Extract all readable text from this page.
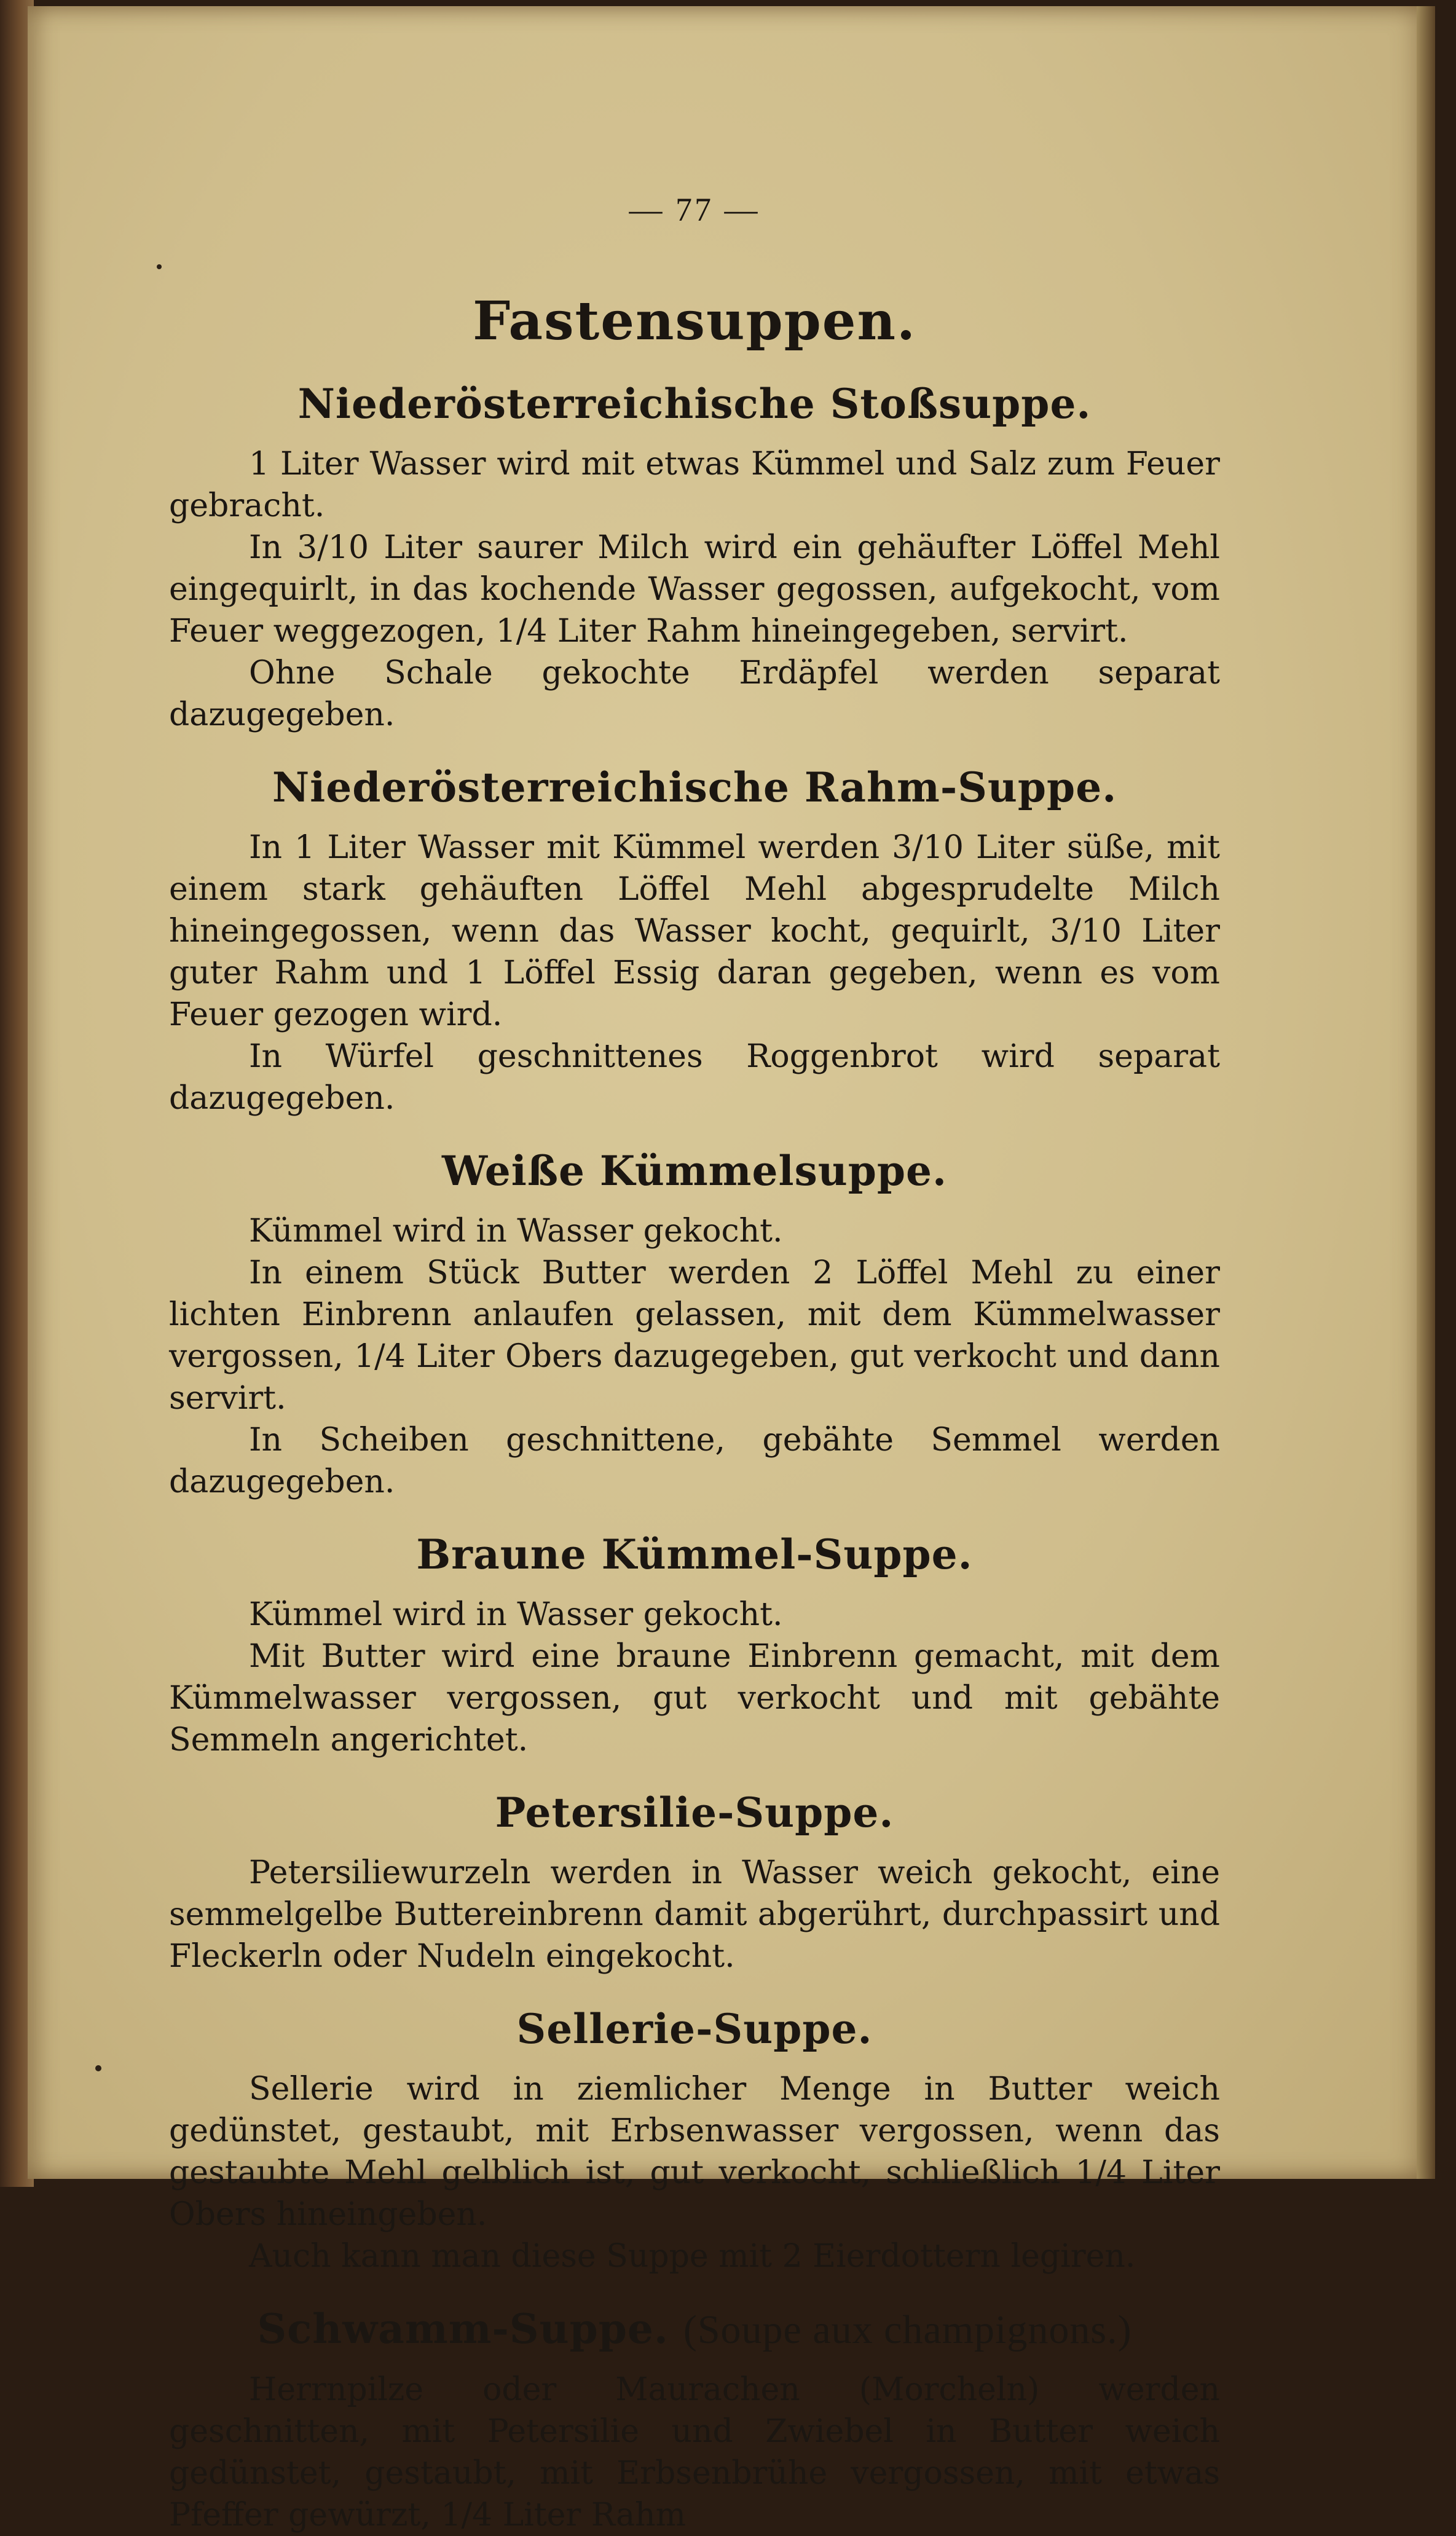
— 77 —
Fastensuppen.
Niederösterreichische Stoßsuppe.

1 Liter Wasser wird mit etwas Kümmel und Salz zum Feuer gebracht.

In 3/10 Liter saurer Milch wird ein gehäufter Löffel Mehl eingequirlt, in das kochende Wasser gegossen, aufgekocht, vom Feuer weggezogen, 1/4 Liter Rahm hineingegeben, servirt.

Ohne Schale gekochte Erdäpfel werden separat dazugegeben.

Niederösterreichische Rahm-Suppe.

In 1 Liter Wasser mit Kümmel werden 3/10 Liter süße, mit einem stark gehäuften Löffel Mehl abgesprudelte Milch hineingegossen, wenn das Wasser kocht, gequirlt, 3/10 Liter guter Rahm und 1 Löffel Essig daran gegeben, wenn es vom Feuer gezogen wird.

In Würfel geschnittenes Roggenbrot wird separat dazugegeben.

Weiße Kümmelsuppe.

Kümmel wird in Wasser gekocht.

In einem Stück Butter werden 2 Löffel Mehl zu einer lichten Einbrenn anlaufen gelassen, mit dem Kümmelwasser vergossen, 1/4 Liter Obers dazugegeben, gut verkocht und dann servirt.

In Scheiben geschnittene, gebähte Semmel werden dazugegeben.

Braune Kümmel-Suppe.

Kümmel wird in Wasser gekocht.

Mit Butter wird eine braune Einbrenn gemacht, mit dem Kümmelwasser vergossen, gut verkocht und mit gebähte Semmeln angerichtet.

Petersilie-Suppe.

Petersiliewurzeln werden in Wasser weich gekocht, eine semmelgelbe Buttereinbrenn damit abgerührt, durchpassirt und Fleckerln oder Nudeln eingekocht.

Sellerie-Suppe.

Sellerie wird in ziemlicher Menge in Butter weich gedünstet, gestaubt, mit Erbsenwasser vergossen, wenn das gestaubte Mehl gelblich ist, gut verkocht, schließlich 1/4 Liter Obers hineingeben.

Auch kann man diese Suppe mit 2 Eierdottern legiren.

Schwamm-Suppe. (Soupe aux champignons.)

Herrnpilze oder Maurachen (Morcheln) werden geschnitten, mit Petersilie und Zwiebel in Butter weich gedünstet, gestaubt, mit Erbsenbrühe vergossen, mit etwas Pfeffer gewürzt, 1/4 Liter Rahm
